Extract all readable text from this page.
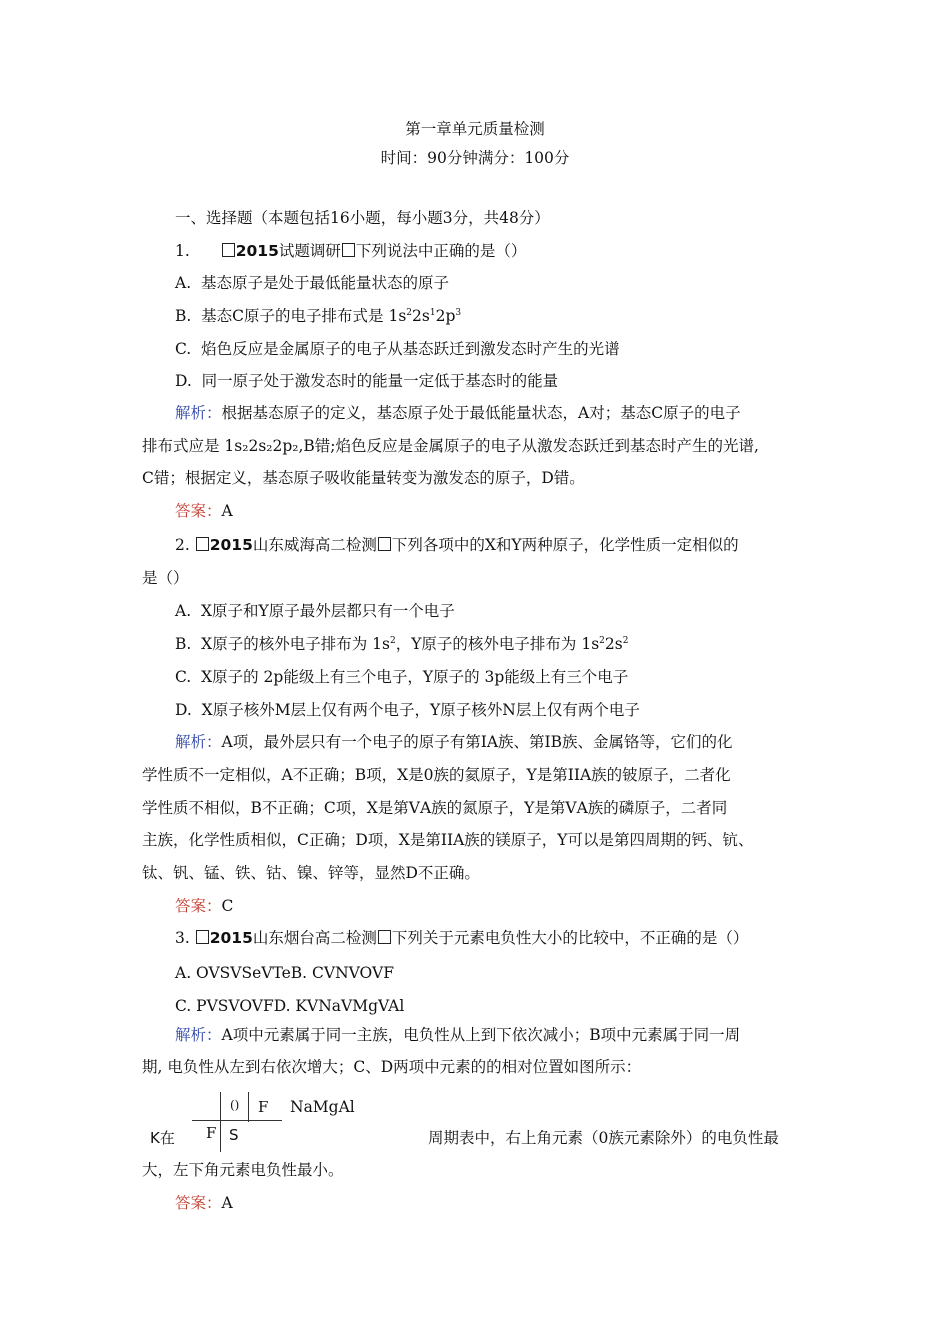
第一章单元质量检测
时间：90分钟满分：100分
一、选择题（本题包括16小题，每小题3分，共48分）
1.	2015试题调研 下列说法中正确的是（）
A.  基态原子是处于最低能量状态的原子
B.  基态C原子的电子排布式是 $1s^22s^12p^3$
C.  焰色反应是金属原子的电子从基态跃迁到激发态时产生的光谱
D.  同一原子处于激发态时的能量一定低于基态时的能量
解析：根据基态原子的定义，基态原子处于最低能量状态，A对；基态C原子的电子
排布式应是 1s₂2s₂2p₂,B错;焰色反应是金属原子的电子从激发态跃迁到基态时产生的光谱,
C错；根据定义，基态原子吸收能量转变为激发态的原子，D错。
答案：A
2. 2015山东威海高二检测 下列各项中的X和Y两种原子，化学性质一定相似的
是（）
A.  X原子和Y原子最外层都只有一个电子
B.  X原子的核外电子排布为 $1s^2$，Y原子的核外电子排布为 $1s^22s^2$
C.  X原子的 2p能级上有三个电子，Y原子的 3p能级上有三个电子
D.  X原子核外M层上仅有两个电子，Y原子核外N层上仅有两个电子
解析：A项，最外层只有一个电子的原子有第ⅠA族、第ⅠB族、金属铬等，它们的化
学性质不一定相似，A不正确；B项，X是0族的氦原子，Y是第IIA族的铍原子，二者化
学性质不相似，B不正确；C项，X是第ⅤA族的氮原子，Y是第ⅤA族的磷原子，二者同
主族，化学性质相似，C正确；D项，X是第IIA族的镁原子，Y可以是第四周期的钙、钪、
钛、钒、锰、铁、钴、镍、锌等，显然D不正确。
答案：C
3. 2015山东烟台高二检测 下列关于元素电负性大小的比较中，不正确的是（）
A. OVSVSeVTeB. CVNVOVF
C. PVSVOVFD. KVNaVMgVAl
解析：A项中元素属于同一主族，电负性从上到下依次减小；B项中元素属于同一周
期, 电负性从左到右依次增大；C、D两项中元素的的相对位置如图所示：
() F
F S
NaMgAl
K在	周期表中，右上角元素（0族元素除外）的电负性最
大，左下角元素电负性最小。
答案：A
